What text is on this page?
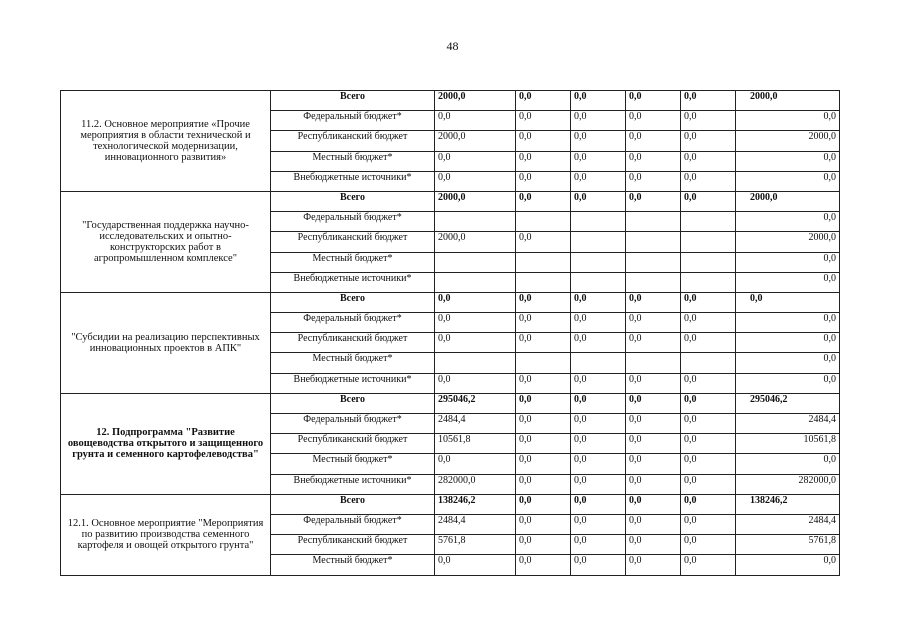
48
11.2. Основное мероприятие «Прочие мероприятия в области технической и технологической модернизации, инновационного развития»	Всего	2000,0	0,0	0,0	0,0	0,0	2000,0
	Федеральный бюджет*	0,0	0,0	0,0	0,0	0,0	0,0
	Республиканский бюджет	2000,0	0,0	0,0	0,0	0,0	2000,0
	Местный бюджет*	0,0	0,0	0,0	0,0	0,0	0,0
	Внебюджетные источники*	0,0	0,0	0,0	0,0	0,0	0,0
"Государственная поддержка научно-исследовательских и опытно-конструкторских работ в агропромышленном комплексе"	Всего	2000,0	0,0	0,0	0,0	0,0	2000,0
	Федеральный бюджет*						0,0
	Республиканский бюджет	2000,0	0,0				2000,0
	Местный бюджет*						0,0
	Внебюджетные источники*						0,0
"Субсидии на реализацию перспективных инновационных проектов в АПК"	Всего	0,0	0,0	0,0	0,0	0,0	0,0
	Федеральный бюджет*	0,0	0,0	0,0	0,0	0,0	0,0
	Республиканский бюджет	0,0	0,0	0,0	0,0	0,0	0,0
	Местный бюджет*						0,0
	Внебюджетные источники*	0,0	0,0	0,0	0,0	0,0	0,0
12. Подпрограмма "Развитие овощеводства открытого и защищенного грунта и семенного картофелеводства"	Всего	295046,2	0,0	0,0	0,0	0,0	295046,2
	Федеральный бюджет*	2484,4	0,0	0,0	0,0	0,0	2484,4
	Республиканский бюджет	10561,8	0,0	0,0	0,0	0,0	10561,8
	Местный бюджет*	0,0	0,0	0,0	0,0	0,0	0,0
	Внебюджетные источники*	282000,0	0,0	0,0	0,0	0,0	282000,0
12.1. Основное мероприятие "Мероприятия по развитию производства семенного картофеля и овощей открытого грунта"	Всего	138246,2	0,0	0,0	0,0	0,0	138246,2
	Федеральный бюджет*	2484,4	0,0	0,0	0,0	0,0	2484,4
	Республиканский бюджет	5761,8	0,0	0,0	0,0	0,0	5761,8
	Местный бюджет*	0,0	0,0	0,0	0,0	0,0	0,0
